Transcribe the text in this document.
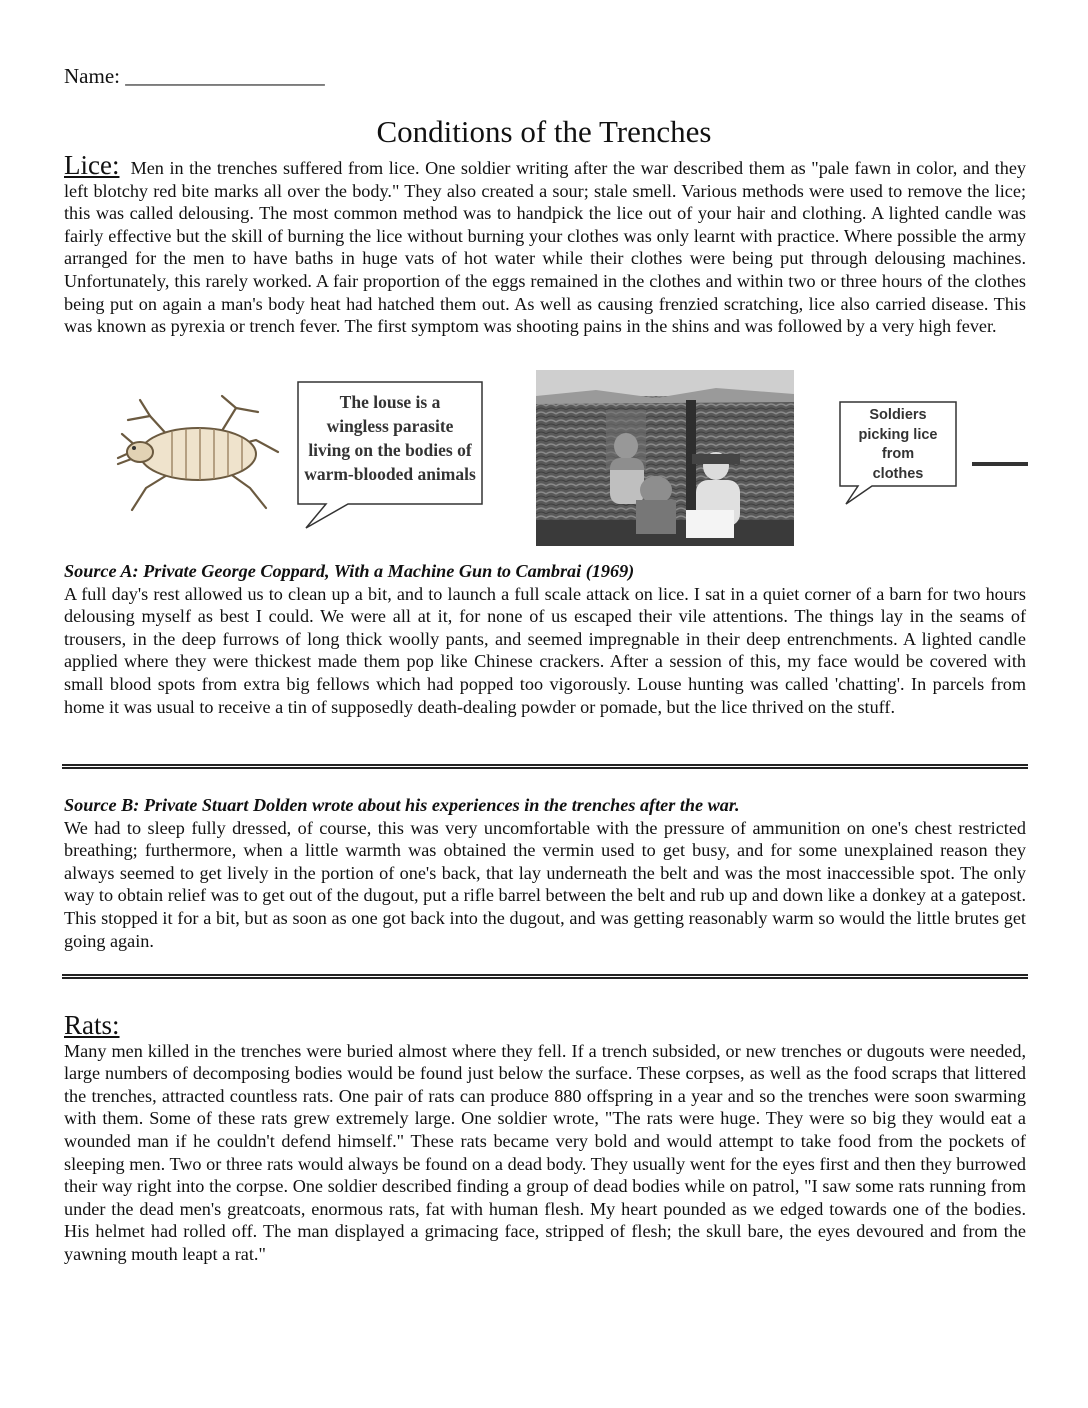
Name: ___________________
Conditions of the Trenches

Lice: Men in the trenches suffered from lice. One soldier writing after the war described them as "pale fawn in color, and they left blotchy red bite marks all over the body." They also created a sour; stale smell. Various methods were used to remove the lice; this was called delousing. The most common method was to handpick the lice out of your hair and clothing. A lighted candle was fairly effective but the skill of burning the lice without burning your clothes was only learnt with practice. Where possible the army arranged for the men to have baths in huge vats of hot water while their clothes were being put through delousing machines. Unfortunately, this rarely worked. A fair proportion of the eggs remained in the clothes and within two or three hours of the clothes being put on again a man's body heat had hatched them out. As well as causing frenzied scratching, lice also carried disease. This was known as pyrexia or trench fever. The first symptom was shooting pains in the shins and was followed by a very high fever.

The louse is a
wingless parasite
living on the bodies of
warm-blooded animals
Soldiers
picking lice
from
clothes

Source A: Private George Coppard, With a Machine Gun to Cambrai (1969)

A full day's rest allowed us to clean up a bit, and to launch a full scale attack on lice. I sat in a quiet corner of a barn for two hours delousing myself as best I could. We were all at it, for none of us escaped their vile attentions. The things lay in the seams of trousers, in the deep furrows of long thick woolly pants, and seemed impregnable in their deep entrenchments. A lighted candle applied where they were thickest made them pop like Chinese crackers. After a session of this, my face would be covered with small blood spots from extra big fellows which had popped too vigorously. Louse hunting was called 'chatting'. In parcels from home it was usual to receive a tin of supposedly death-dealing powder or pomade, but the lice thrived on the stuff.

Source B: Private Stuart Dolden wrote about his experiences in the trenches after the war.

We had to sleep fully dressed, of course, this was very uncomfortable with the pressure of ammunition on one's chest restricted breathing; furthermore, when a little warmth was obtained the vermin used to get busy, and for some unexplained reason they always seemed to get lively in the portion of one's back, that lay underneath the belt and was the most inaccessible spot. The only way to obtain relief was to get out of the dugout, put a rifle barrel between the belt and rub up and down like a donkey at a gatepost. This stopped it for a bit, but as soon as one got back into the dugout, and was getting reasonably warm so would the little brutes get going again.

Rats:

Many men killed in the trenches were buried almost where they fell. If a trench subsided, or new trenches or dugouts were needed, large numbers of decomposing bodies would be found just below the surface. These corpses, as well as the food scraps that littered the trenches, attracted countless rats. One pair of rats can produce 880 offspring in a year and so the trenches were soon swarming with them. Some of these rats grew extremely large. One soldier wrote, "The rats were huge. They were so big they would eat a wounded man if he couldn't defend himself." These rats became very bold and would attempt to take food from the pockets of sleeping men. Two or three rats would always be found on a dead body. They usually went for the eyes first and then they burrowed their way right into the corpse. One soldier described finding a group of dead bodies while on patrol, "I saw some rats running from under the dead men's greatcoats, enormous rats, fat with human flesh. My heart pounded as we edged towards one of the bodies. His helmet had rolled off. The man displayed a grimacing face, stripped of flesh; the skull bare, the eyes devoured and from the yawning mouth leapt a rat."
